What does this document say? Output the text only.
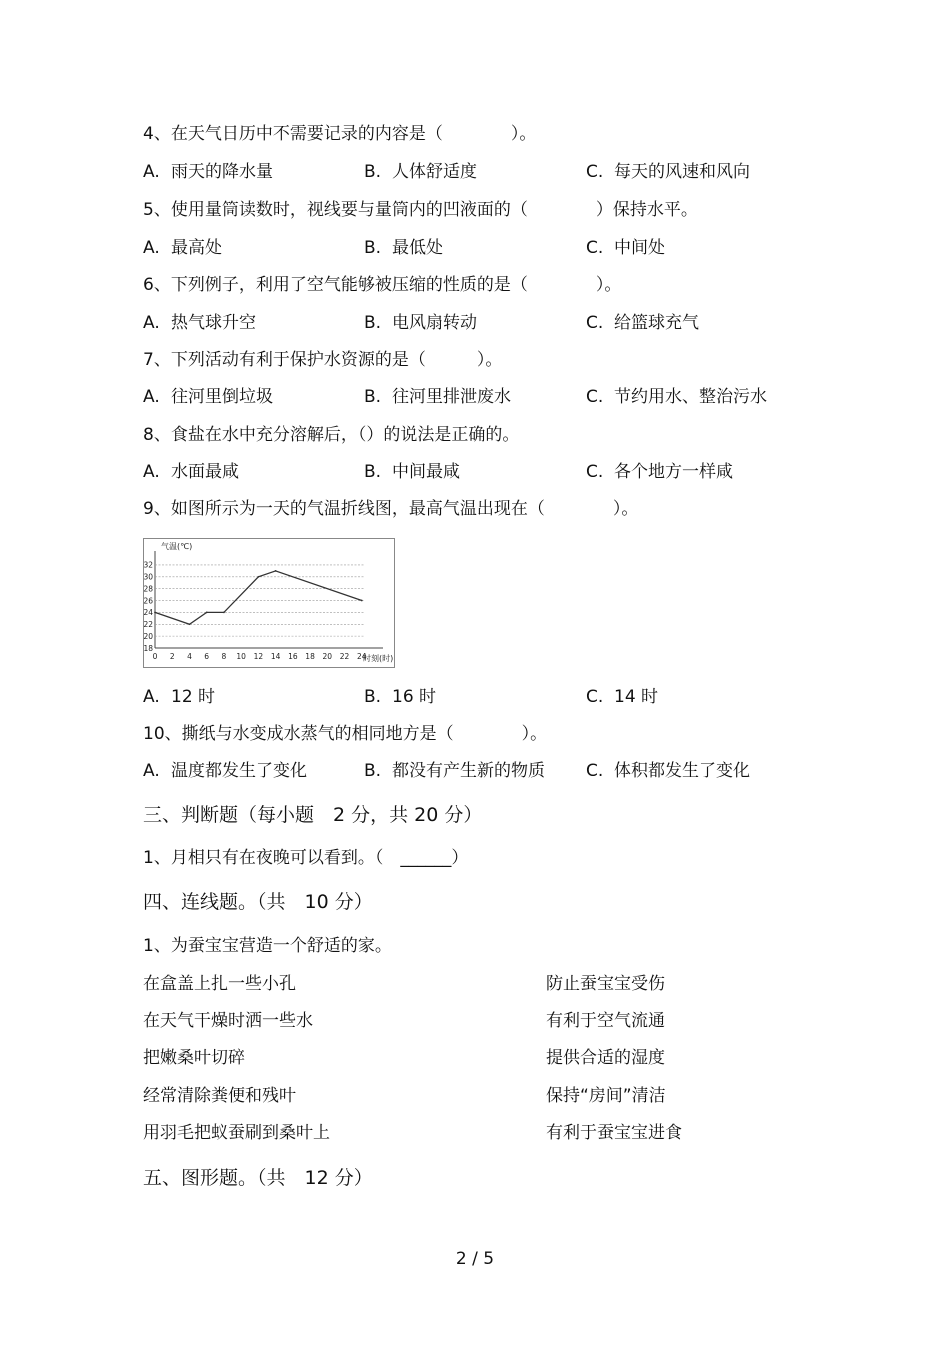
4、在天气日历中不需要记录的内容是（　　　　）。
A. 雨天的降水量	B. 人体舒适度	C. 每天的风速和风向
5、使用量筒读数时，视线要与量筒内的凹液面的（　　　　）保持水平。
A. 最高处	B. 最低处	C. 中间处
6、下列例子，利用了空气能够被压缩的性质的是（　　　　）。
A. 热气球升空	B. 电风扇转动	C. 给篮球充气
7、下列活动有利于保护水资源的是（　　　）。
A. 往河里倒垃圾	B. 往河里排泄废水	C. 节约用水、整治污水
8、食盐在水中充分溶解后，（）的说法是正确的。
A. 水面最咸	B. 中间最咸	C. 各个地方一样咸
9、如图所示为一天的气温折线图，最高气温出现在（　　　　）。
18
20
22
24
26
28
30
32
0 2 4 6 8 10 12 14 16 18 20 22 24
气温(℃)
时刻(时)
A. 12 时	B. 16 时	C. 14 时
10、撕纸与水变成水蒸气的相同地方是（　　　　）。
A. 温度都发生了变化	B. 都没有产生新的物质 C. 体积都发生了变化
三、判断题（每小题　2 分，共 20 分）
1、月相只有在夜晚可以看到。（　______）
四、连线题。（共　10 分）
1、为蚕宝宝营造一个舒适的家。
在盒盖上扎一些小孔	防止蚕宝宝受伤
在天气干燥时洒一些水	有利于空气流通
把嫩桑叶切碎	提供合适的湿度
经常清除粪便和残叶	保持“房间”清洁
用羽毛把蚁蚕刷到桑叶上	有利于蚕宝宝进食
五、图形题。（共　12 分）
2 / 5
